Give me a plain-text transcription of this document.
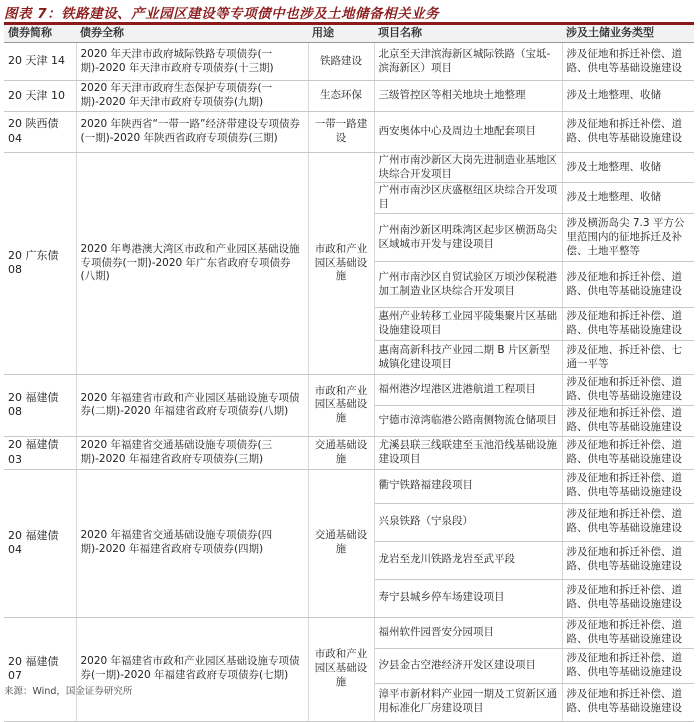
图表 7：铁路建设、产业园区建设等专项债中也涉及土地储备相关业务
债券简称	债券全称	用途	项目名称	涉及土储业务类型
20 天津 14	2020 年天津市政府城际铁路专项债券(一期)-2020 年天津市政府专项债券(十三期)	铁路建设	北京至天津滨海新区城际铁路（宝坻-滨海新区）项目	涉及征地和拆迁补偿、道路、供电等基础设施建设
20 天津 10	2020 年天津市政府生态保护专项债券(一期)-2020 年天津市政府专项债券(九期)	生态环保	三级管控区等相关地块土地整理	涉及土地整理、收储
20 陕西债 04	2020 年陕西省“一带一路”经济带建设专项债券(一期)-2020 年陕西省政府专项债券(三期)	一带一路建设	西安奥体中心及周边土地配套项目	涉及征地和拆迁补偿、道路、供电等基础设施建设
20 广东债 08	2020 年粤港澳大湾区市政和产业园区基础设施专项债券(一期)-2020 年广东省政府专项债券(八期)	市政和产业园区基础设施	广州市南沙新区大岗先进制造业基地区块综合开发项目	涉及土地整理、收储
			广州市南沙区庆盛枢纽区块综合开发项目	涉及土地整理、收储
			广州南沙新区明珠湾区起步区横沥岛尖区域城市开发与建设项目	涉及横沥岛尖 7.3 平方公里范围内的征地拆迁及补偿、土地平整等
			广州市南沙区自贸试验区万顷沙保税港加工制造业区块综合开发项目	涉及征地和拆迁补偿、道路、供电等基础设施建设
			惠州产业转移工业园平陵集聚片区基础设施建设项目	涉及征地和拆迁补偿、道路、供电等基础设施建设
			惠南高新科技产业园二期 B 片区新型城镇化建设项目	涉及征地、拆迁补偿、七通一平等
20 福建债 08	2020 年福建省市政和产业园区基础设施专项债券(二期)-2020 年福建省政府专项债券(八期)	市政和产业园区基础设施	福州港汐埕港区进港航道工程项目	涉及征地和拆迁补偿、道路、供电等基础设施建设
			宁德市漳湾临港公路南侧物流仓储项目	涉及征地和拆迁补偿、道路、供电等基础设施建设
20 福建债 03	2020 年福建省交通基础设施专项债券(三期)-2020 年福建省政府专项债券(三期)	交通基础设施	尤溪县联三线联建至玉池沿线基础设施建设项目	涉及征地和拆迁补偿、道路、供电等基础设施建设
20 福建债 04	2020 年福建省交通基础设施专项债券(四期)-2020 年福建省政府专项债券(四期)	交通基础设施	衢宁铁路福建段项目	涉及征地和拆迁补偿、道路、供电等基础设施建设
			兴泉铁路（宁泉段）	涉及征地和拆迁补偿、道路、供电等基础设施建设
			龙岩至龙川铁路龙岩至武平段	涉及征地和拆迁补偿、道路、供电等基础设施建设
			寿宁县城乡停车场建设项目	涉及征地和拆迁补偿、道路、供电等基础设施建设
20 福建债 07	2020 年福建省市政和产业园区基础设施专项债券(一期)-2020 年福建省政府专项债券(七期)	市政和产业园区基础设施	福州软件园晋安分园项目	涉及征地和拆迁补偿、道路、供电等基础设施建设
			汐县金古空港经济开发区建设项目	涉及征地和拆迁补偿、道路、供电等基础设施建设
			漳平市新材料产业园一期及工贸新区通用标准化厂房建设项目	涉及征地和拆迁补偿、道路、供电等基础设施建设
来源：Wind，国金证券研究所
